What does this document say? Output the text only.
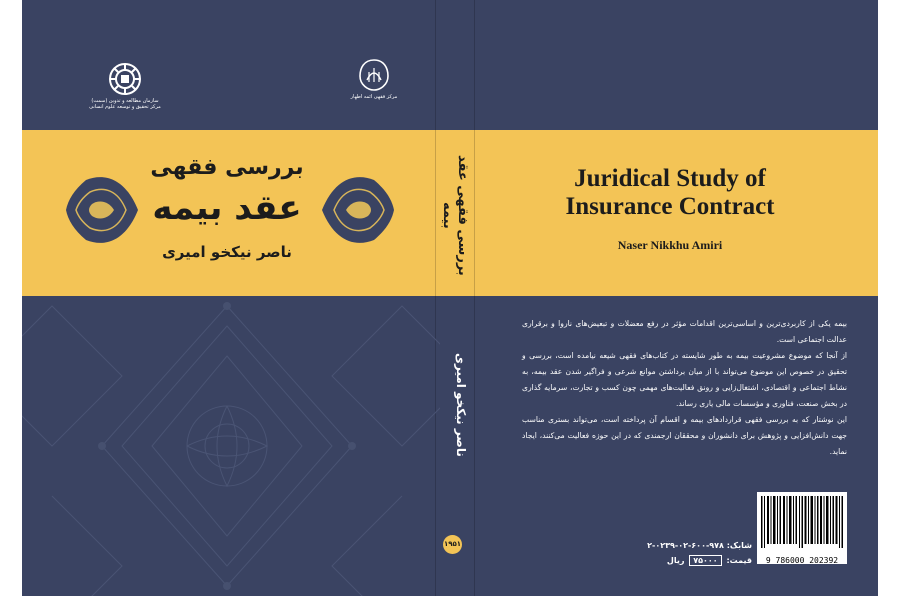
سازمان مطالعه و تدوین (سمت)
مرکز تحقیق و توسعه علوم انسانی
مرکز فقهی ائمه اطهار
بررسی فقهی
عقد بیمه
ناصر نیکخو امیری	بررسی فقهی عقد بیمه
ناصر نیکخو امیری
۱۹۵۱
Juridical Study of
Insurance Contract
Naser Nikkhu Amiri

بیمه یکی از کاربردی‌ترین و اساسی‌ترین اقدامات مؤثر در رفع معضلات و تبعیض‌های ناروا و برقراری عدالت اجتماعی است.

از آنجا که موضوع مشروعیت بیمه به طور شایسته در کتاب‌های فقهی شیعه نیامده است، بررسی و تحقیق در خصوص این موضوع می‌تواند با از میان برداشتن موانع شرعی و فراگیر شدن عقد بیمه، به نشاط اجتماعی و اقتصادی، اشتغال‌زایی و رونق فعالیت‌های مهمی چون کسب و تجارت، سرمایه گذاری در بخش صنعت، فناوری و مؤسسات مالی یاری رساند.

این نوشتار که به بررسی فقهی قراردادهای بیمه و اقسام آن پرداخته است، می‌تواند بستری مناسب جهت دانش‌افزایی و پژوهش برای دانشوران و محققان ارجمندی که در این حوزه فعالیت می‌کنند، ایجاد نماید.

9 786000 202392
شابک: ۹۷۸-۶۰۰-۰۲-۰۲۳۹-۲
قیمت: ۷۵۰۰۰ ریال
